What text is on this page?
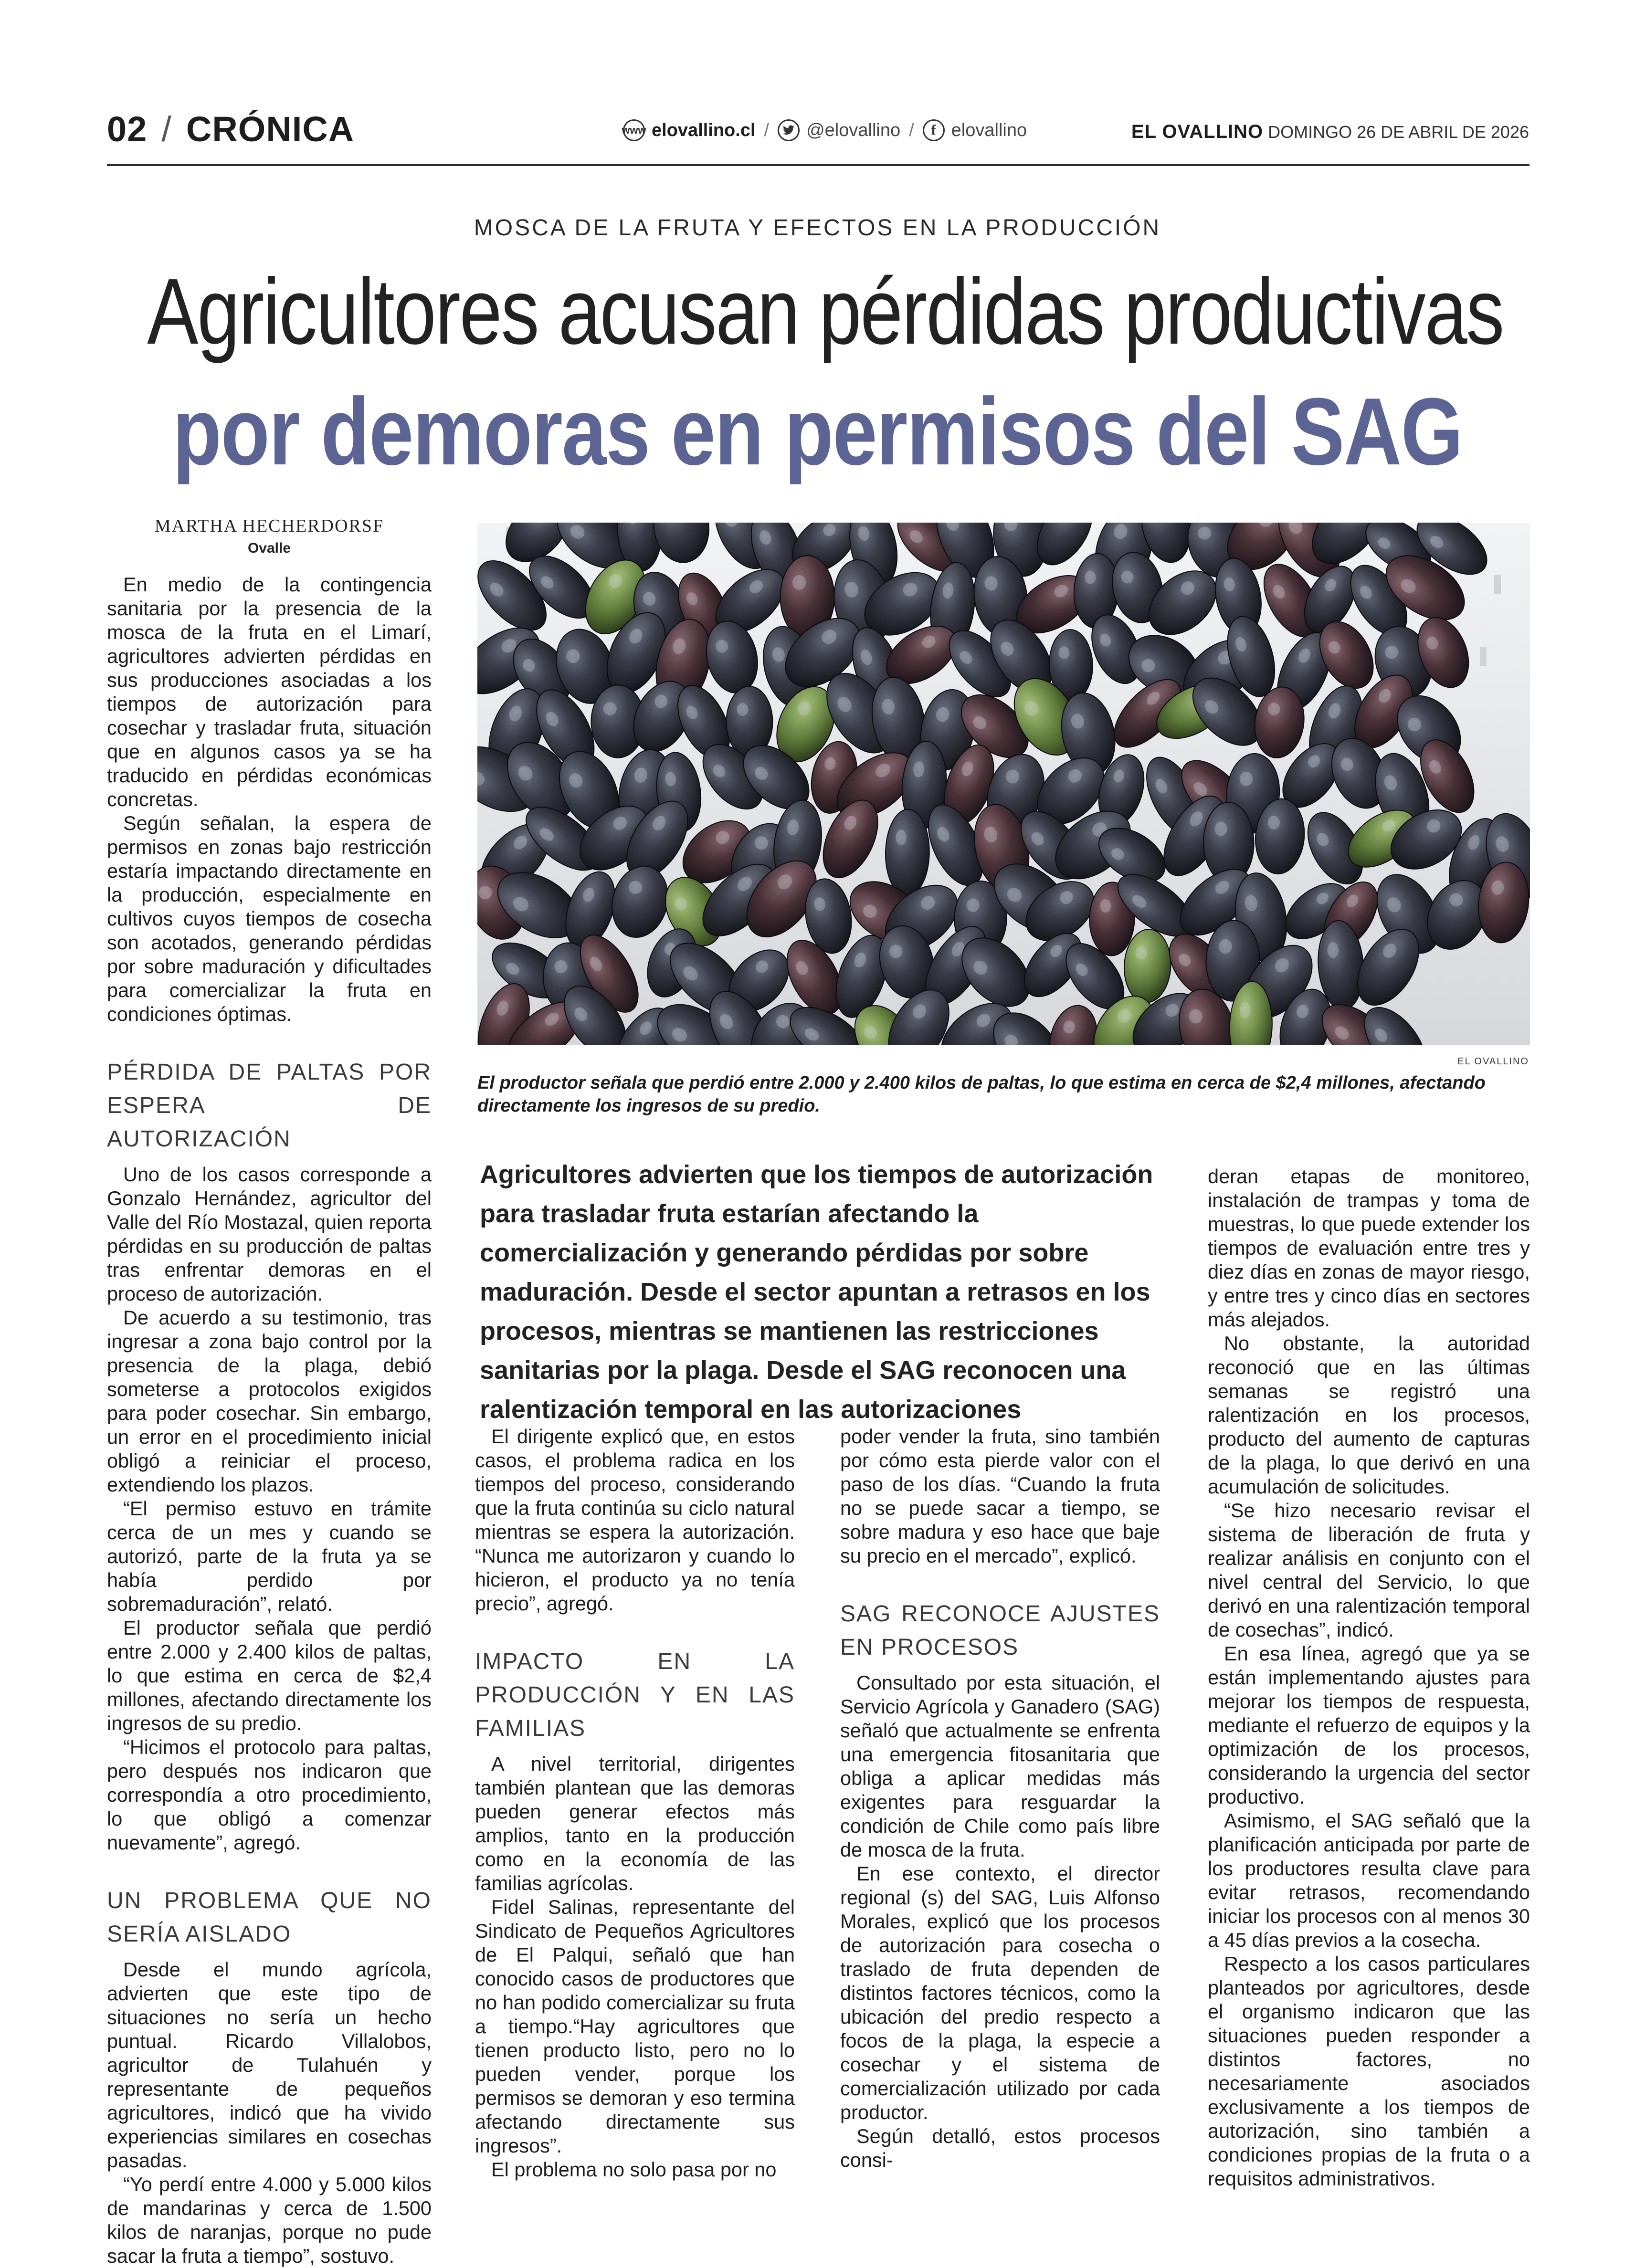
02 / CRÓNICA	www elovallino.cl / @elovallino /	f elovallino	EL OVALLINO DOMINGO 26 DE ABRIL DE 2026
MOSCA DE LA FRUTA Y EFECTOS EN LA PRODUCCIÓN
Agricultores acusan pérdidas productivas
por demoras en permisos del SAG
MARTHA HECHERDORSF
Ovalle

En medio de la contingencia sanitaria por la presencia de la mosca de la fruta en el Limarí, agricultores advierten pérdidas en sus producciones asociadas a los tiempos de autorización para cosechar y trasladar fruta, situación que en algunos casos ya se ha traducido en pérdidas económicas concretas.

Según señalan, la espera de permisos en zonas bajo restricción estaría impactando directamente en la producción, especialmente en cultivos cuyos tiempos de cosecha son acotados, generando pérdidas por sobre maduración y dificultades para comercializar la fruta en condiciones óptimas.

PÉRDIDA DE PALTAS POR ESPERA DE AUTORIZACIÓN

Uno de los casos corresponde a Gonzalo Hernández, agricultor del Valle del Río Mostazal, quien reporta pérdidas en su producción de paltas tras enfrentar demoras en el proceso de autorización.

De acuerdo a su testimonio, tras ingresar a zona bajo control por la presencia de la plaga, debió someterse a protocolos exigidos para poder cosechar. Sin embargo, un error en el procedimiento inicial obligó a reiniciar el proceso, extendiendo los plazos.

“El permiso estuvo en trámite cerca de un mes y cuando se autorizó, parte de la fruta ya se había perdido por sobremaduración”, relató.

El productor señala que perdió entre 2.000 y 2.400 kilos de paltas, lo que estima en cerca de $2,4 millones, afectando directamente los ingresos de su predio.

“Hicimos el protocolo para paltas, pero después nos indicaron que correspondía a otro procedimiento, lo que obligó a comenzar nuevamente”, agregó.

UN PROBLEMA QUE NO SERÍA AISLADO

Desde el mundo agrícola, advierten que este tipo de situaciones no sería un hecho puntual. Ricardo Villalobos, agricultor de Tulahuén y representante de pequeños agricultores, indicó que ha vivido experiencias similares en cosechas pasadas.

“Yo perdí entre 4.000 y 5.000 kilos de mandarinas y cerca de 1.500 kilos de naranjas, porque no pude sacar la fruta a tiempo”, sostuvo.

EL OVALLINO
El productor señala que perdió entre 2.000 y 2.400 kilos de paltas, lo que estima en cerca de $2,4 millones, afectando directamente los ingresos de su predio.
Agricultores advierten que los tiempos de autorización para trasladar fruta estarían afectando la comercialización y generando pérdidas por sobre maduración. Desde el sector apuntan a retrasos en los procesos, mientras se mantienen las restricciones sanitarias por la plaga. Desde el SAG reconocen una ralentización temporal en las autorizaciones

El dirigente explicó que, en estos casos, el problema radica en los tiempos del proceso, considerando que la fruta continúa su ciclo natural mientras se espera la autorización. “Nunca me autorizaron y cuando lo hicieron, el producto ya no tenía precio”, agregó.

IMPACTO EN LA PRODUCCIÓN Y EN LAS FAMILIAS

A nivel territorial, dirigentes también plantean que las demoras pueden generar efectos más amplios, tanto en la producción como en la economía de las familias agrícolas.

Fidel Salinas, representante del Sindicato de Pequeños Agricultores de El Palqui, señaló que han conocido casos de productores que no han podido comercializar su fruta a tiempo.“Hay agricultores que tienen producto listo, pero no lo pueden vender, porque los permisos se demoran y eso termina afectando directamente sus ingresos”.

El problema no solo pasa por no

poder vender la fruta, sino también por cómo esta pierde valor con el paso de los días. “Cuando la fruta no se puede sacar a tiempo, se sobre madura y eso hace que baje su precio en el mercado”, explicó.

SAG RECONOCE AJUSTES EN PROCESOS

Consultado por esta situación, el Servicio Agrícola y Ganadero (SAG) señaló que actualmente se enfrenta una emergencia fitosanitaria que obliga a aplicar medidas más exigentes para resguardar la condición de Chile como país libre de mosca de la fruta.

En ese contexto, el director regional (s) del SAG, Luis Alfonso Morales, explicó que los procesos de autorización para cosecha o traslado de fruta dependen de distintos factores técnicos, como la ubicación del predio respecto a focos de la plaga, la especie a cosechar y el sistema de comercialización utilizado por cada productor.

Según detalló, estos procesos consi-

deran etapas de monitoreo, instalación de trampas y toma de muestras, lo que puede extender los tiempos de evaluación entre tres y diez días en zonas de mayor riesgo, y entre tres y cinco días en sectores más alejados.

No obstante, la autoridad reconoció que en las últimas semanas se registró una ralentización en los procesos, producto del aumento de capturas de la plaga, lo que derivó en una acumulación de solicitudes.

“Se hizo necesario revisar el sistema de liberación de fruta y realizar análisis en conjunto con el nivel central del Servicio, lo que derivó en una ralentización temporal de cosechas”, indicó.

En esa línea, agregó que ya se están implementando ajustes para mejorar los tiempos de respuesta, mediante el refuerzo de equipos y la optimización de los procesos, considerando la urgencia del sector productivo.

Asimismo, el SAG señaló que la planificación anticipada por parte de los productores resulta clave para evitar retrasos, recomendando iniciar los procesos con al menos 30 a 45 días previos a la cosecha.

Respecto a los casos particulares planteados por agricultores, desde el organismo indicaron que las situaciones pueden responder a distintos factores, no necesariamente asociados exclusivamente a los tiempos de autorización, sino también a condiciones propias de la fruta o a requisitos administrativos.
